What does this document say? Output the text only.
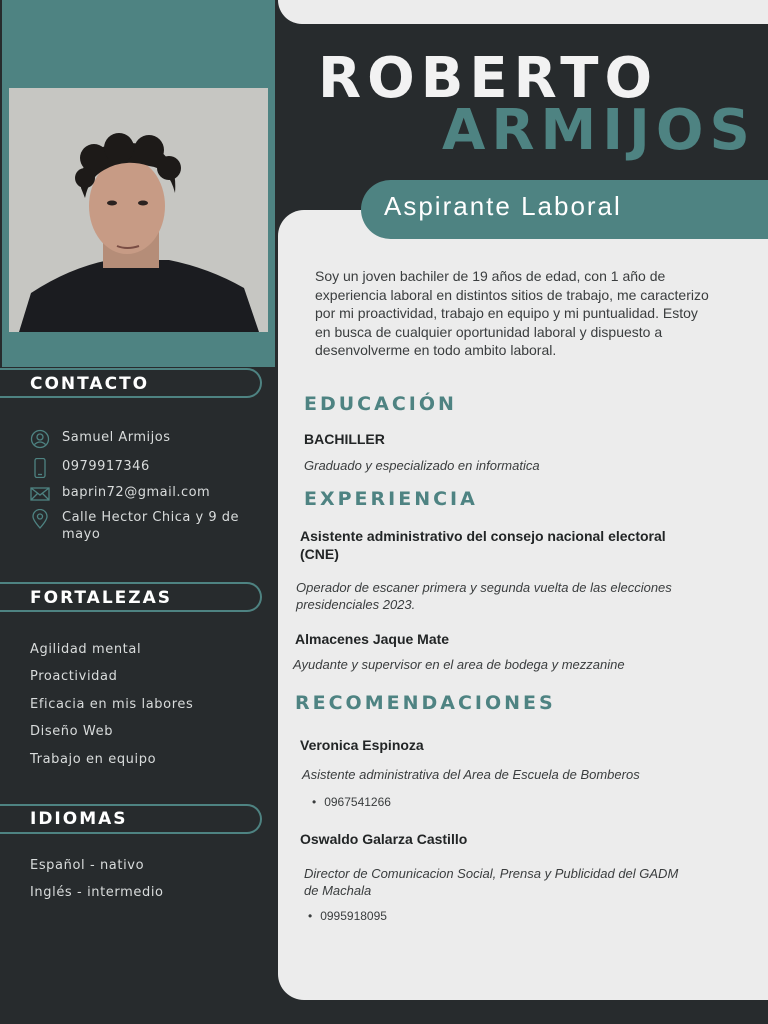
CONTACTO
Samuel Armijos
0979917346
baprin72@gmail.com
Calle Hector Chica y 9 de mayo
FORTALEZAS
Agilidad mental
Proactividad
Eficacia en mis labores
Diseño Web
Trabajo en equipo
IDIOMAS
Español - nativo
Inglés - intermedio
ROBERTO
ARMIJOS
Aspirante Laboral
Soy un joven bachiler de 19 años de edad, con 1 año de experiencia laboral en distintos sitios de trabajo, me caracterizo por mi proactividad, trabajo en equipo y mi puntualidad. Estoy en busca de cualquier oportunidad laboral y dispuesto a desenvolverme en todo ambito laboral.
EDUCACIÓN
BACHILLER
Graduado y especializado en informatica
EXPERIENCIA
Asistente administrativo del consejo nacional electoral (CNE)
Operador de escaner primera y segunda vuelta de las elecciones presidenciales 2023.
Almacenes Jaque Mate
Ayudante y supervisor en el area de bodega y mezzanine
RECOMENDACIONES
Veronica Espinoza
Asistente administrativa del Area de Escuela de Bomberos
• 0967541266
Oswaldo Galarza Castillo
Director de Comunicacion Social, Prensa y Publicidad del GADM de Machala
• 0995918095
